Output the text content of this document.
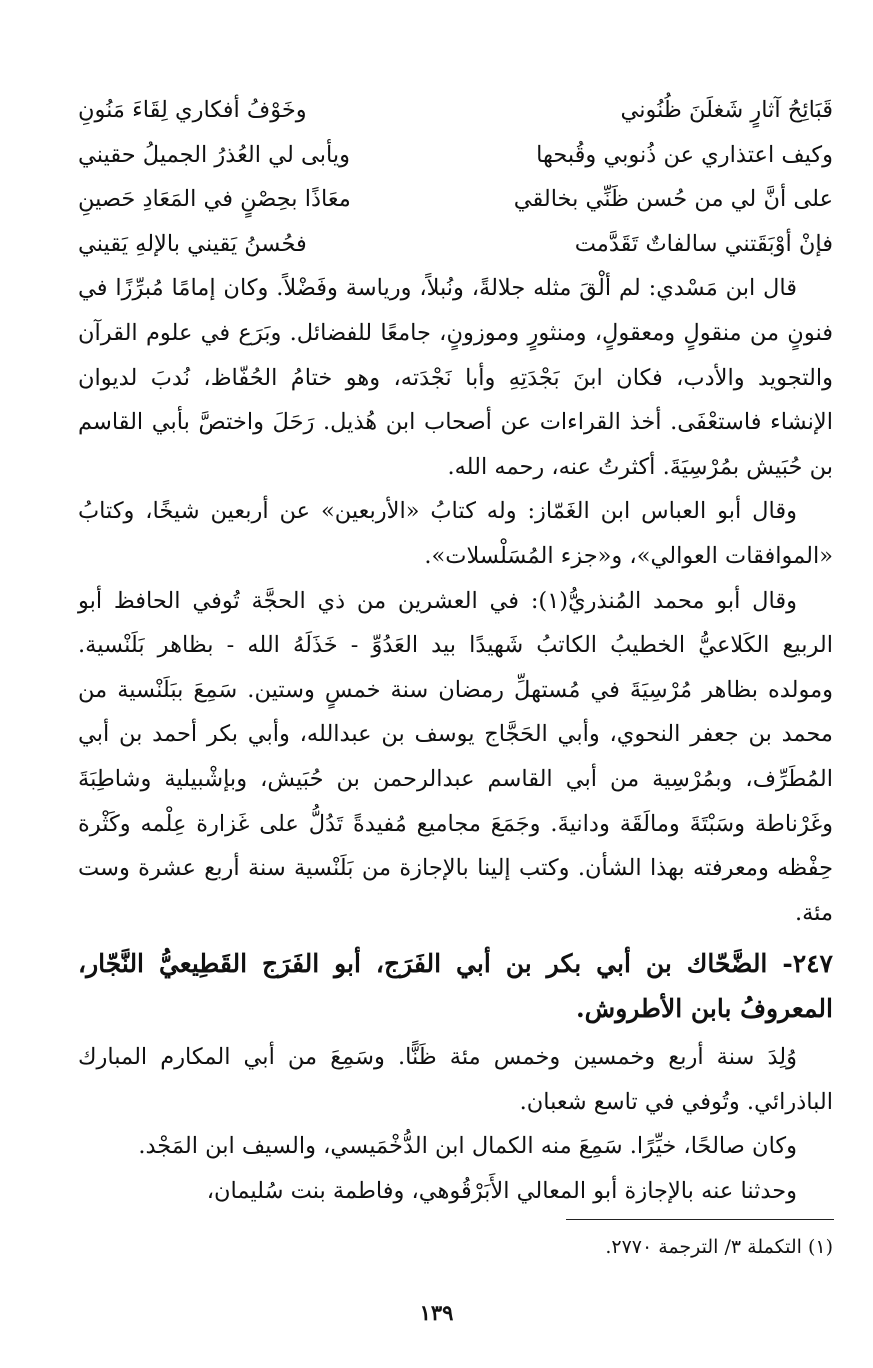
قَبَائِحُ آثارٍ شَغلَنَ ظُنُوني
وخَوْفُ أفكاري لِقَاءَ مَنُونِ
وكيف اعتذاري عن ذُنوبي وقُبحها
ويأبى لي العُذرُ الجميلُ حقيني
على أنَّ لي من حُسن ظَنِّي بخالقي
معَاذًا بحِصْنٍ في المَعَادِ حَصينِ
فإنْ أوْبَقَتني سالفاتٌ تَقَدَّمت
فحُسنُ يَقيني بالإلهِ يَقيني

قال ابن مَسْدي: لم ألْقَ مثله جلالةً، ونُبلاً، ورياسة وفَضْلاً. وكان إمامًا مُبرِّزًا في فنونٍ من منقولٍ ومعقولٍ، ومنثورٍ وموزونٍ، جامعًا للفضائل. وبَرَع في علوم القرآن والتجويد والأدب، فكان ابنَ بَجْدَتِهِ وأبا نَجْدَته، وهو ختامُ الحُفّاظ، نُدبَ لديوان الإنشاء فاستعْفَى. أخذ القراءات عن أصحاب ابن هُذيل. رَحَلَ واختصَّ بأبي القاسم بن حُبَيش بمُرْسِيَةَ. أكثرتُ عنه، رحمه الله.

وقال أبو العباس ابن الغَمّاز: وله كتابُ «الأربعين» عن أربعين شيخًا، وكتابُ «الموافقات العوالي»، و«جزء المُسَلْسلات».

وقال أبو محمد المُنذريُّ(١): في العشرين من ذي الحجَّة تُوفي الحافظ أبو الربيع الكَلاعيُّ الخطيبُ الكاتبُ شَهيدًا بيد العَدُوِّ - خَذَلَهُ الله - بظاهر بَلَنْسية. ومولده بظاهر مُرْسِيَةَ في مُستهلِّ رمضان سنة خمسٍ وستين. سَمِعَ ببَلَنْسية من محمد بن جعفر النحوي، وأبي الحَجَّاج يوسف بن عبدالله، وأبي بكر أحمد بن أبي المُطَرِّف، وبمُرْسِية من أبي القاسم عبدالرحمن بن حُبَيش، وبإشْبيلية وشاطِبَةَ وغَرْناطة وسَبْتَةَ ومالَقَة ودانيةَ. وجَمَعَ مجاميع مُفيدةً تَدُلُّ على غَزارة عِلْمه وكَثْرة حِفْظه ومعرفته بهذا الشأن. وكتب إلينا بالإجازة من بَلَنْسية سنة أربع عشرة وست مئة.

٢٤٧- الضَّحّاك بن أبي بكر بن أبي الفَرَج، أبو الفَرَج القَطِيعيُّ النَّجّار، المعروفُ بابن الأطروش.

وُلِدَ سنة أربع وخمسين وخمس مئة ظَنًّا. وسَمِعَ من أبي المكارم المبارك الباذرائي. وتُوفي في تاسع شعبان.

وكان صالحًا، خيِّرًا. سَمِعَ منه الكمال ابن الدُّخْمَيسي، والسيف ابن المَجْد.

وحدثنا عنه بالإجازة أبو المعالي الأَبَرْقُوهي، وفاطمة بنت سُليمان،

(١) التكملة ٣/ الترجمة ٢٧٧٠.
١٣٩
